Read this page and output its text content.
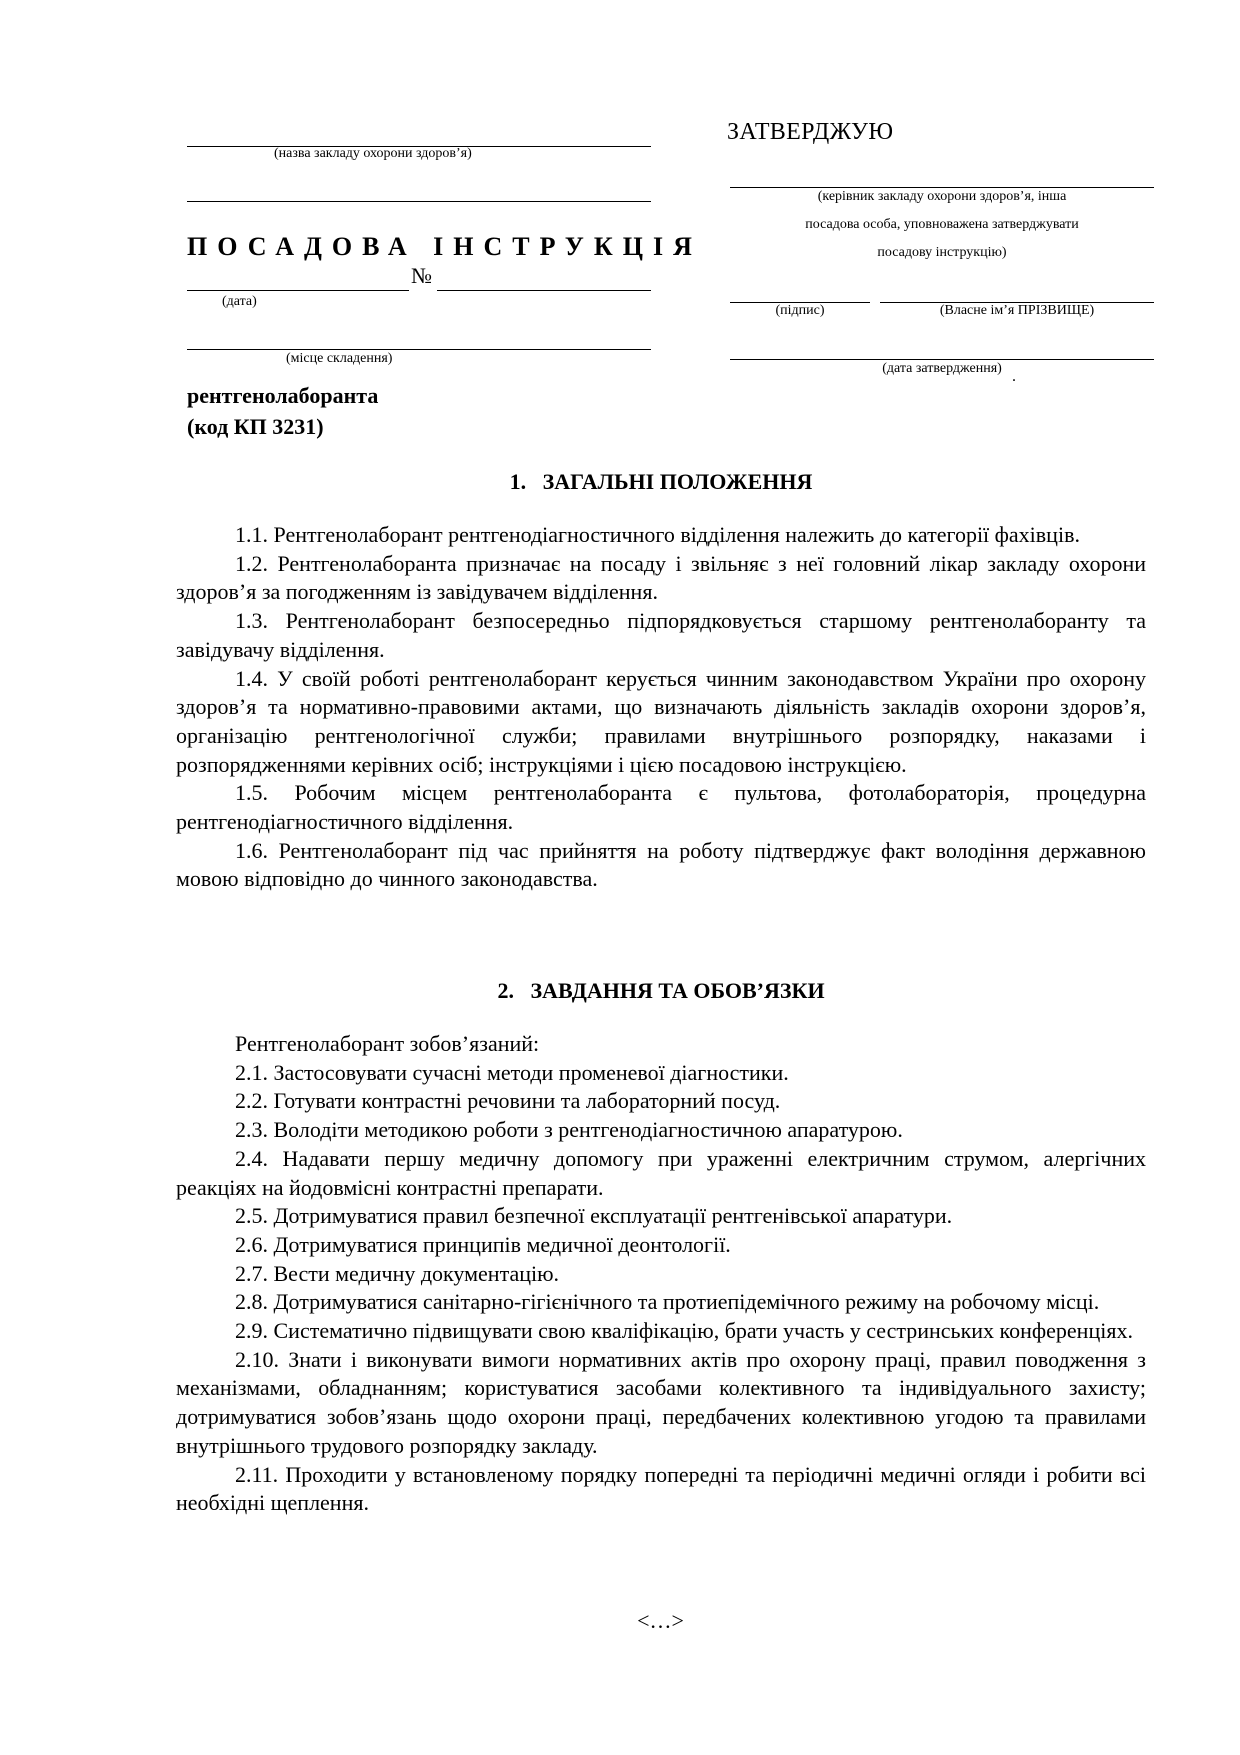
(назва закладу охорони здоров’я)
ПОСАДОВА ІНСТРУКЦІЯ
№
(дата)
(місце складення)
рентгенолаборанта
(код КП 3231)
ЗАТВЕРДЖУЮ
(керівник закладу охорони здоров’я, інша
посадова особа, уповноважена затверджувати
посадову інструкцію)
(підпис)	(Власне ім’я ПРІЗВИЩЕ)
(дата затвердження) .
1.   ЗАГАЛЬНІ ПОЛОЖЕННЯ

1.1. Рентгенолаборант рентгенодіагностичного відділення належить до категорії фахівців.

1.2. Рентгенолаборанта призначає на посаду і звільняє з неї головний лікар закладу охорони здоров’я за погодженням із завідувачем відділення.

1.3. Рентгенолаборант безпосередньо підпорядковується старшому рентгенолаборанту та завідувачу відділення.

1.4. У своїй роботі рентгенолаборант керується чинним законодавством України про охорону здоров’я та нормативно-правовими актами, що визначають діяльність закладів охорони здоров’я, організацію рентгенологічної служби; правилами внутрішнього розпорядку, наказами і розпорядженнями керівних осіб; інструкціями і цією посадовою інструкцією.

1.5. Робочим місцем рентгенолаборанта є пультова, фотолабораторія, процедурна рентгенодіагностичного відділення.

1.6. Рентгенолаборант під час прийняття на роботу підтверджує факт володіння державною мовою відповідно до чинного законодавства.

2.   ЗАВДАННЯ ТА ОБОВ’ЯЗКИ

Рентгенолаборант зобов’язаний:

2.1. Застосовувати сучасні методи променевої діагностики.

2.2. Готувати контрастні речовини та лабораторний посуд.

2.3. Володіти методикою роботи з рентгенодіагностичною апаратурою.

2.4. Надавати першу медичну допомогу при ураженні електричним струмом, алергічних реакціях на йодовмісні контрастні препарати.

2.5. Дотримуватися правил безпечної експлуатації рентгенівської апаратури.

2.6. Дотримуватися принципів медичної деонтології.

2.7. Вести медичну документацію.

2.8. Дотримуватися санітарно-гігієнічного та протиепідемічного режиму на робочому місці.

2.9. Систематично підвищувати свою кваліфікацію, брати участь у сестринських конференціях.

2.10. Знати і виконувати вимоги нормативних актів про охорону праці, правил поводження з механізмами, обладнанням; користуватися засобами колективного та індивідуального захисту; дотримуватися зобов’язань щодо охорони праці, передбачених колективною угодою та правилами внутрішнього трудового розпорядку закладу.

2.11. Проходити у встановленому порядку попередні та періодичні медичні огляди і робити всі необхідні щеплення.

<…>
